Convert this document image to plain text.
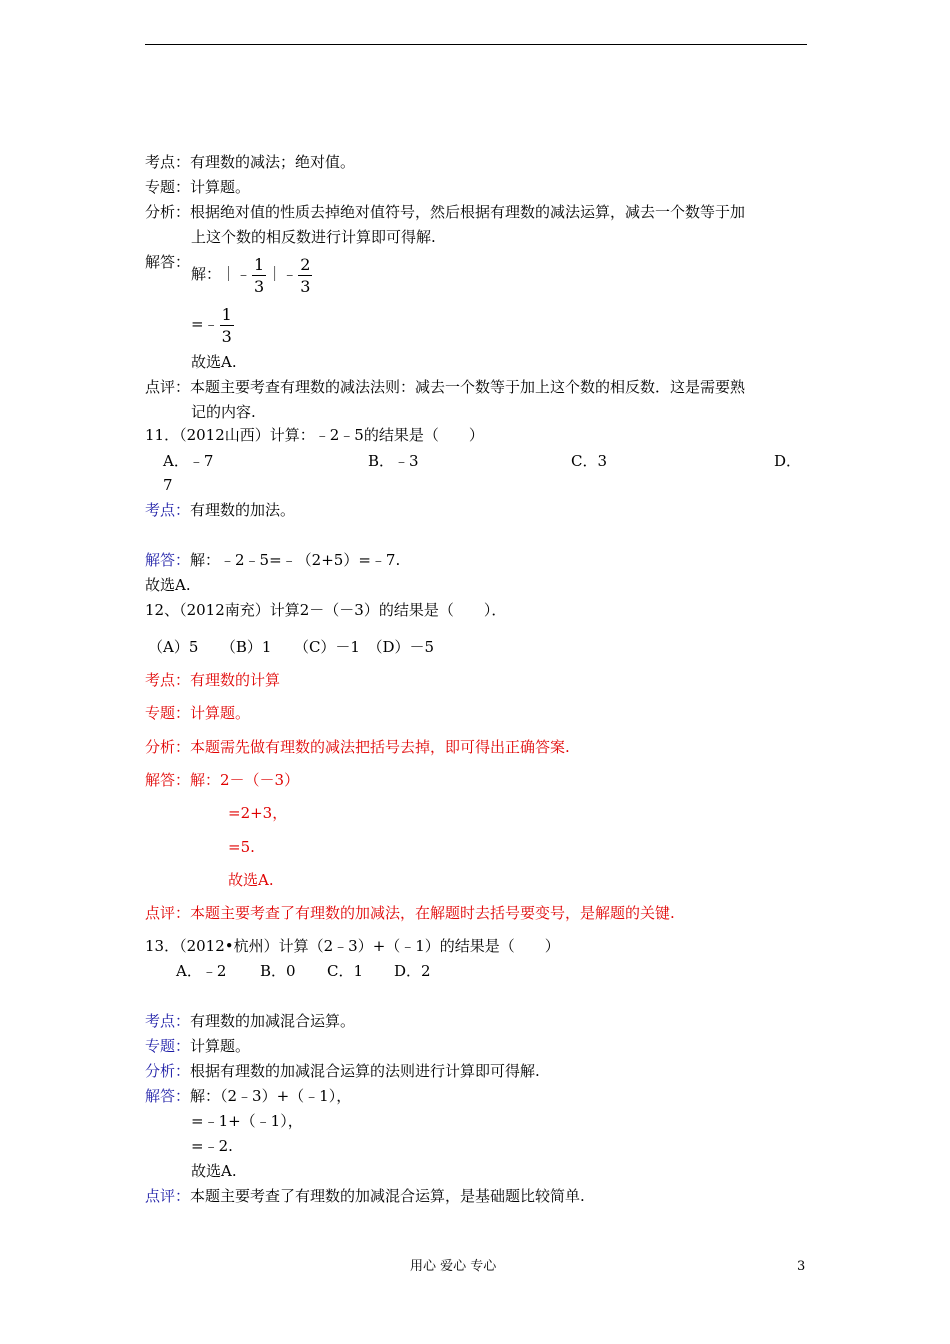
考点：有理数的减法；绝对值。
专题：计算题。
分析：根据绝对值的性质去掉绝对值符号，然后根据有理数的减法运算，减去一个数等于加
上这个数的相反数进行计算即可得解.
解答：
解：｜﹣ $\frac{1}{3}$ ｜﹣ $\frac{2}{3}$
=﹣ $\frac{1}{3}$
故选A.
点评：本题主要考查有理数的减法法则：减去一个数等于加上这个数的相反数．这是需要熟
记的内容.
11．（2012山西）计算：﹣2﹣5的结果是（　　）
A．﹣7	B．﹣3	C．3	D．
7
考点：有理数的加法。
解答：解：﹣2﹣5=﹣（2+5）=﹣7.
故选A.
12、（2012南充）计算2－（－3）的结果是（　　）．
（A）5　　（B）1　　（C）－1　（D）－5
考点：有理数的计算
专题：计算题。
分析：本题需先做有理数的减法把括号去掉，即可得出正确答案.
解答：解：2－（－3）
=2+3，
=5.
故选A.
点评：本题主要考查了有理数的加减法，在解题时去括号要变号，是解题的关键.
13．（2012•杭州）计算（2﹣3）+（﹣1）的结果是（　　）
A．﹣2 B．0 C．1 D．2
考点：有理数的加减混合运算。
专题：计算题。
分析：根据有理数的加减混合运算的法则进行计算即可得解.
解答：解：（2﹣3）+（﹣1），
=﹣1+（﹣1），
=﹣2.
故选A.
点评：本题主要考查了有理数的加减混合运算，是基础题比较简单.
用心 爱心 专心	3
